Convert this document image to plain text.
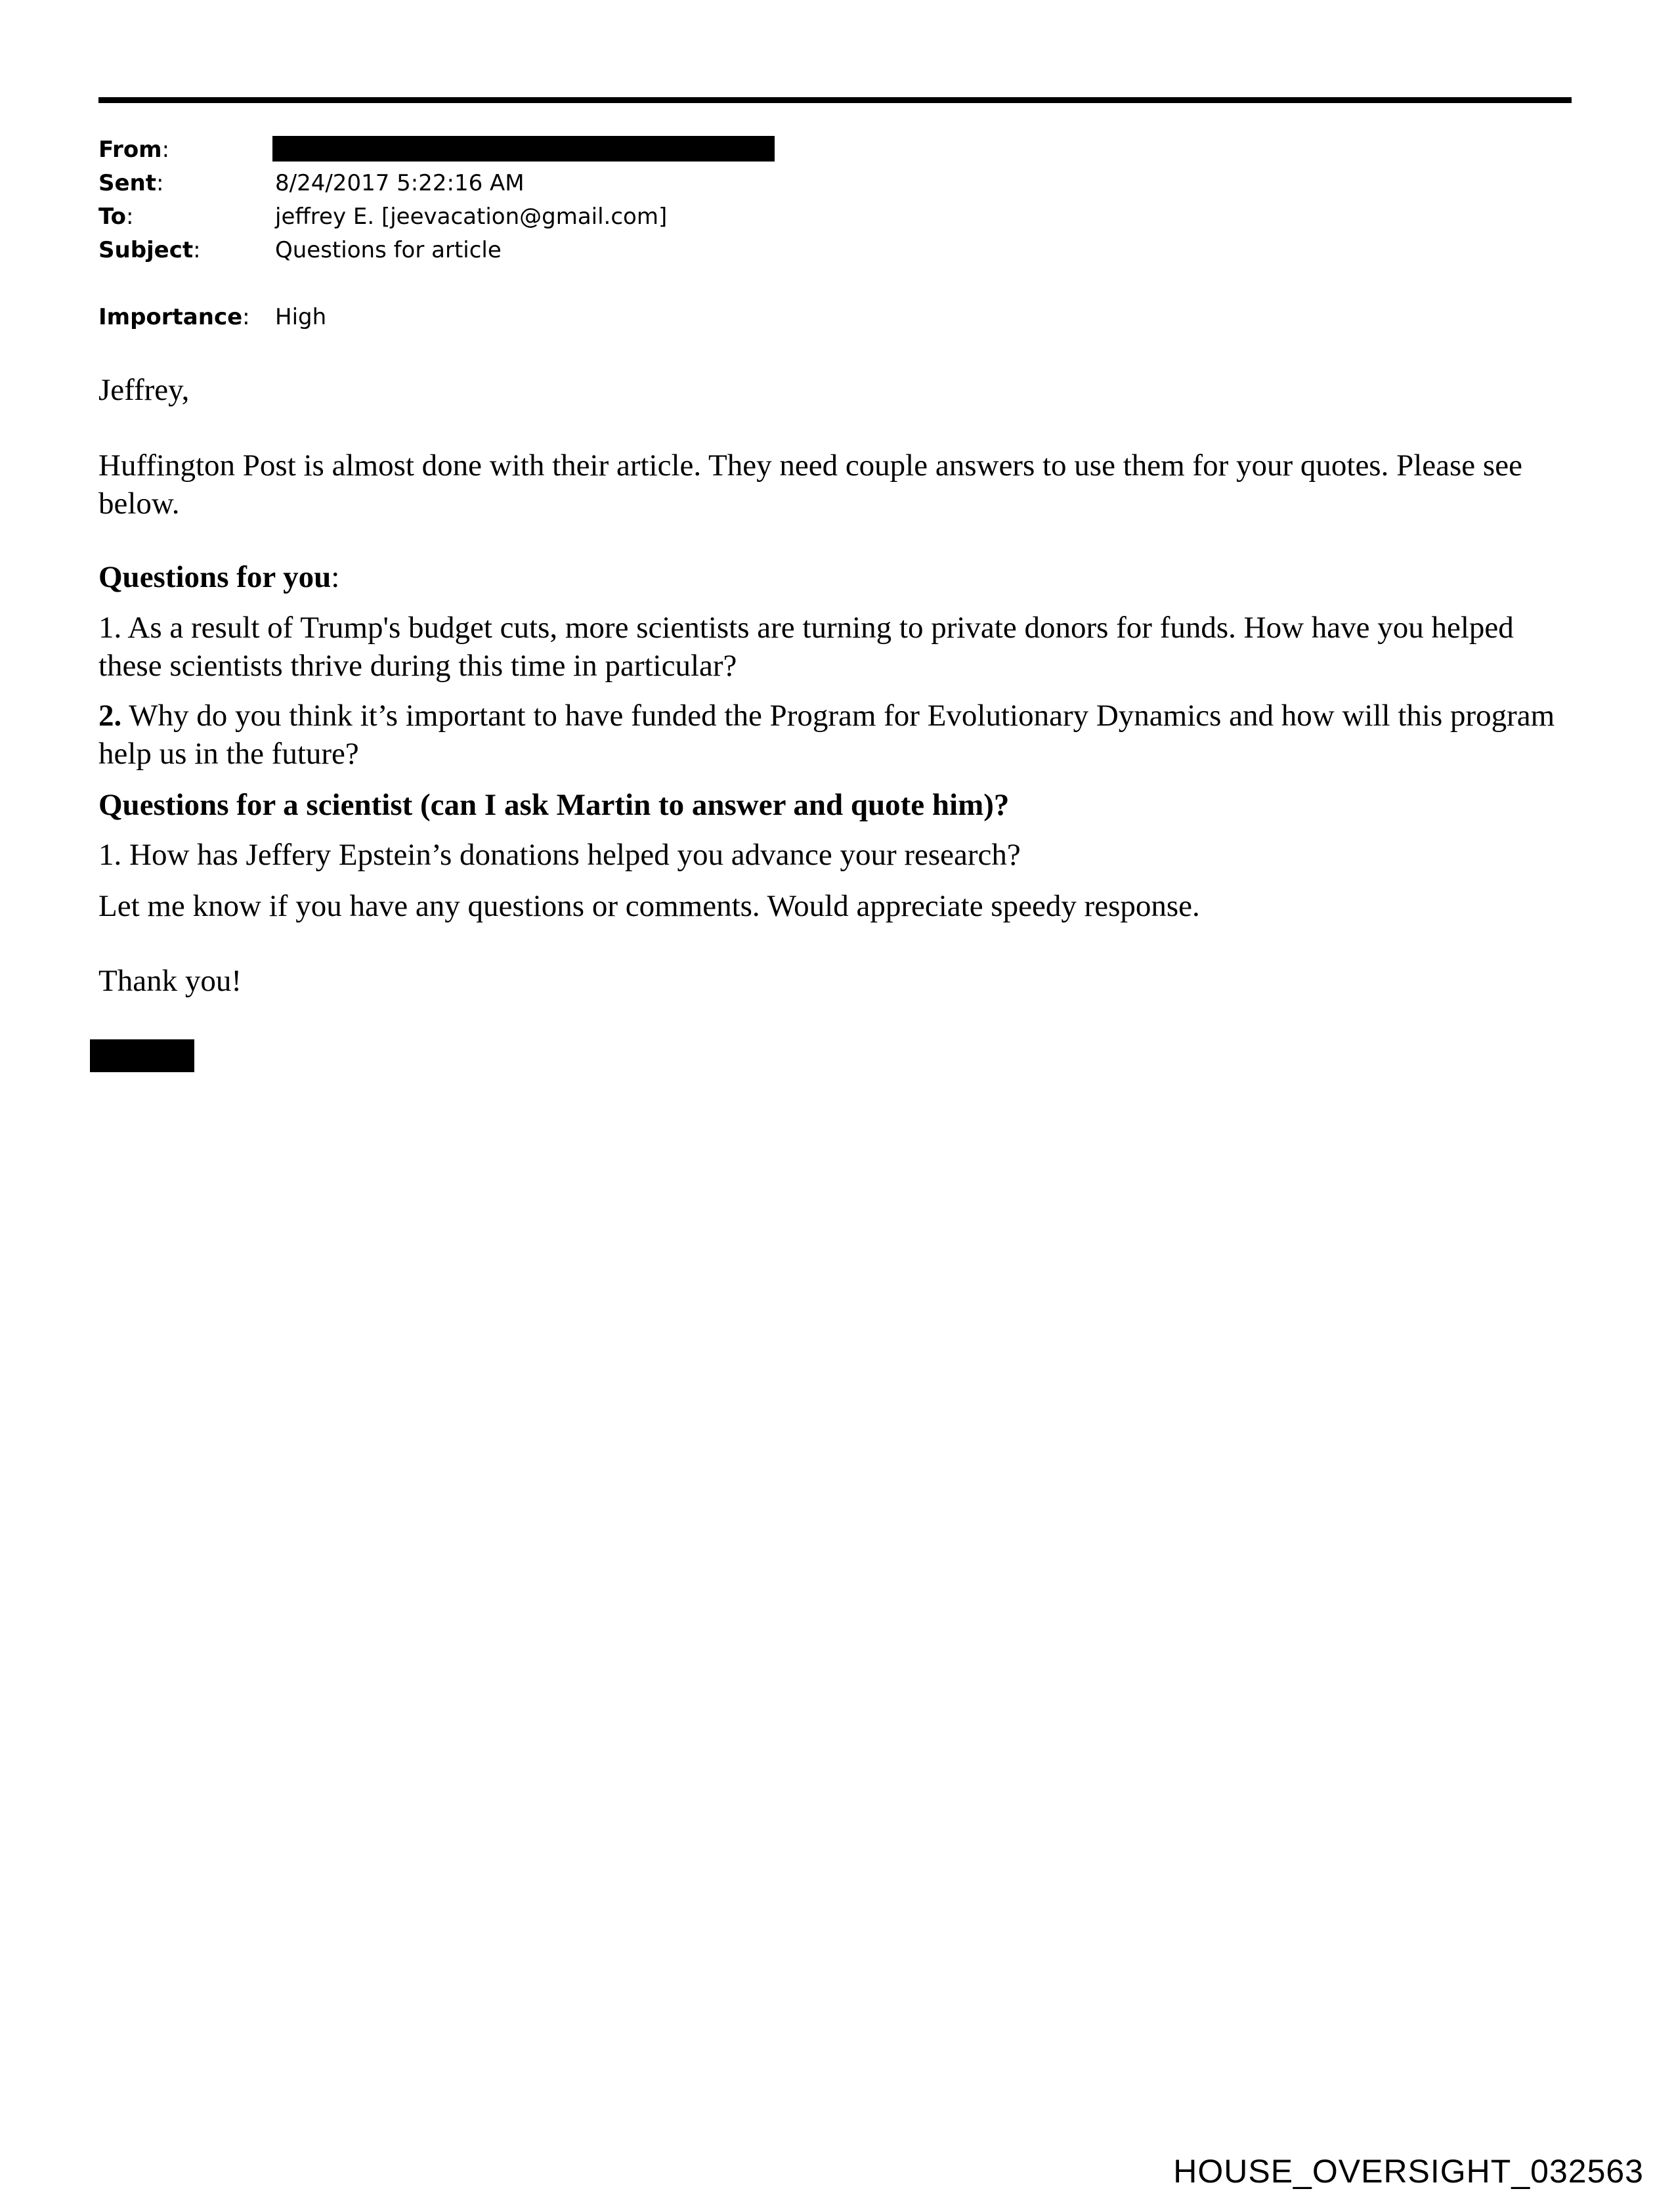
From:
Sent:	8/24/2017 5:22:16 AM
To:	jeffrey E. [jeevacation@gmail.com]
Subject:	Questions for article
Importance: High

Jeffrey,

Huffington Post is almost done with their article. They need couple answers to use them for your quotes. Please see below.

Questions for you:

1. As a result of Trump's budget cuts, more scientists are turning to private donors for funds. How have you helped these scientists thrive during this time in particular?

2. Why do you think it’s important to have funded the Program for Evolutionary Dynamics and how will this program help us in the future?

Questions for a scientist (can I ask Martin to answer and quote him)?

1. How has Jeffery Epstein’s donations helped you advance your research?

Let me know if you have any questions or comments. Would appreciate speedy response.

Thank you!

HOUSE_OVERSIGHT_032563
